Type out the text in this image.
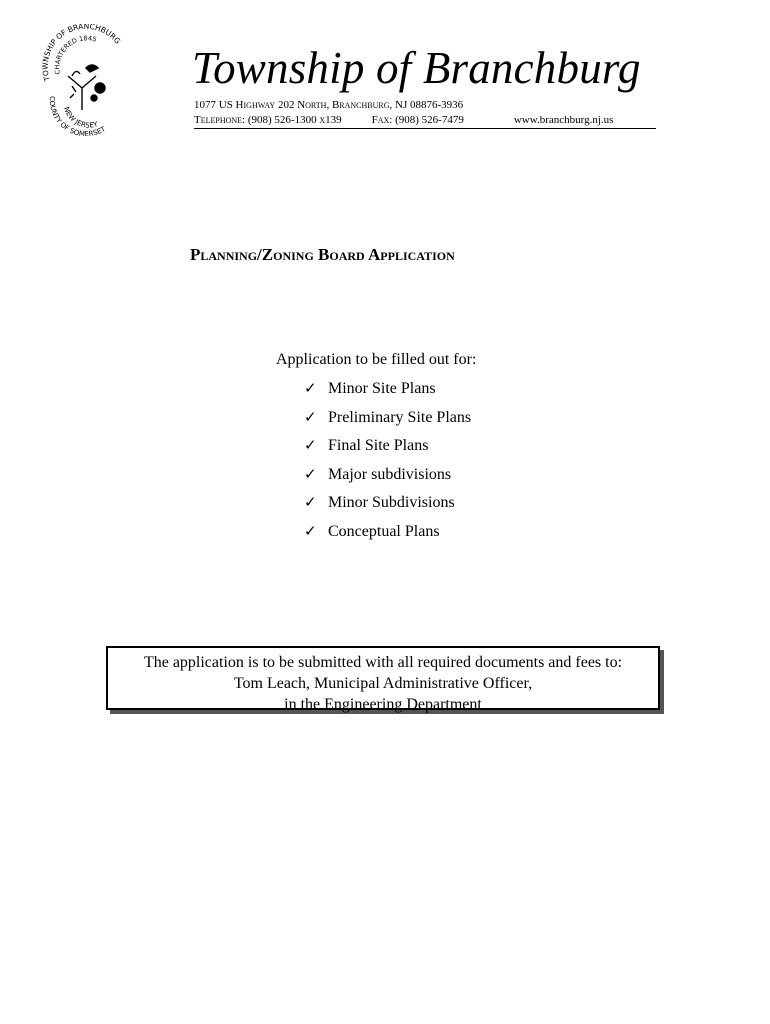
TOWNSHIP OF BRANCHBURG
CHARTERED 1845
COUNTY OF SOMERSET
NEW JERSEY
Township of Branchburg
1077 US Highway 202 North, Branchburg, NJ 08876-3936
Telephone: (908) 526-1300 x139	Fax: (908) 526-7479	www.branchburg.nj.us
Planning/Zoning Board Application
Application to be filled out for:
✓ Minor Site Plans
✓ Preliminary Site Plans
✓ Final Site Plans
✓ Major subdivisions
✓ Minor Subdivisions
✓ Conceptual Plans
The application is to be submitted with all required documents and fees to:
Tom Leach, Municipal Administrative Officer,
in the Engineering Department
